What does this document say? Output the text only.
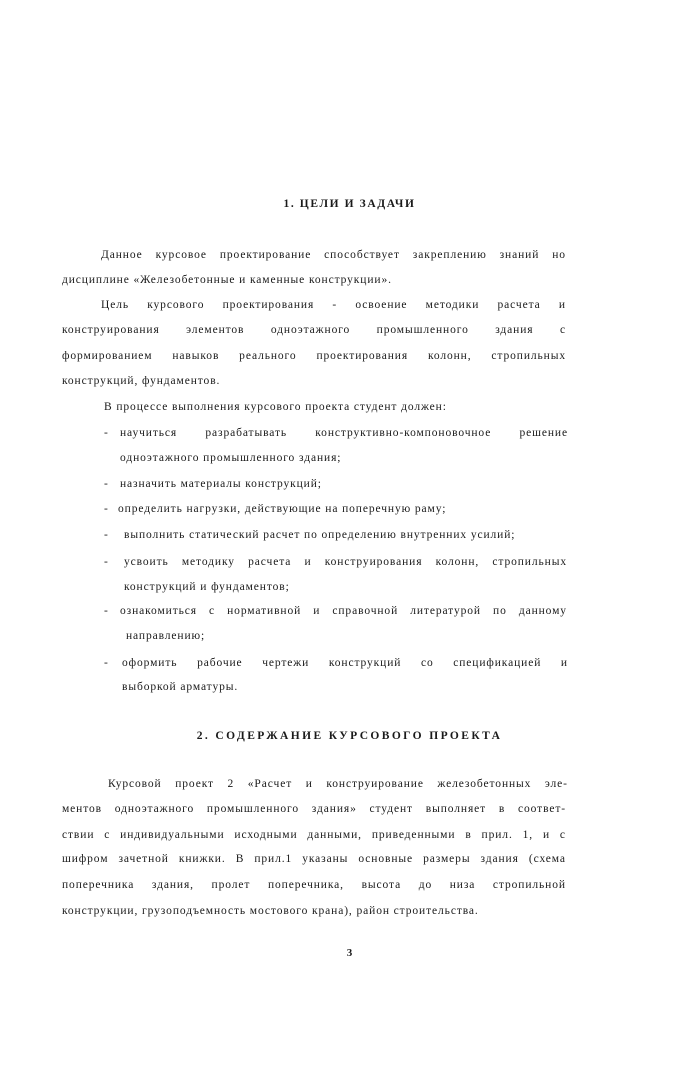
1. ЦЕЛИ И ЗАДАЧИ
Данное курсовое проектирование способствует закреплению знаний но
дисциплине «Железобетонные и каменные конструкции».
Цель курсового проектирования - освоение методики расчета и
конструирования элементов одноэтажного промышленного здания с
формированием навыков реального проектирования колонн, стропильных
конструкций, фундаментов.
В процессе выполнения курсового проекта студент должен:
- научиться разрабатывать конструктивно-компоновочное решение
одноэтажного промышленного здания;
- назначить материалы конструкций;
- определить нагрузки, действующие на поперечную раму;
- выполнить статический расчет по определению внутренних усилий;
- усвоить методику расчета и конструирования колонн, стропильных
конструкций и фундаментов;
- ознакомиться с нормативной и справочной литературой по данному
направлению;
- оформить рабочие чертежи конструкций со спецификацией и
выборкой арматуры.
2. СОДЕРЖАНИЕ КУРСОВОГО ПРОЕКТА
Курсовой проект 2 «Расчет и конструирование железобетонных эле-
ментов одноэтажного промышленного здания» студент выполняет в соответ-
ствии с индивидуальными исходными данными, приведенными в прил. 1, и с
шифром зачетной книжки. В прил.1 указаны основные размеры здания (схема
поперечника здания, пролет поперечника, высота до низа стропильной
конструкции, грузоподъемность мостового крана), район строительства.
3
